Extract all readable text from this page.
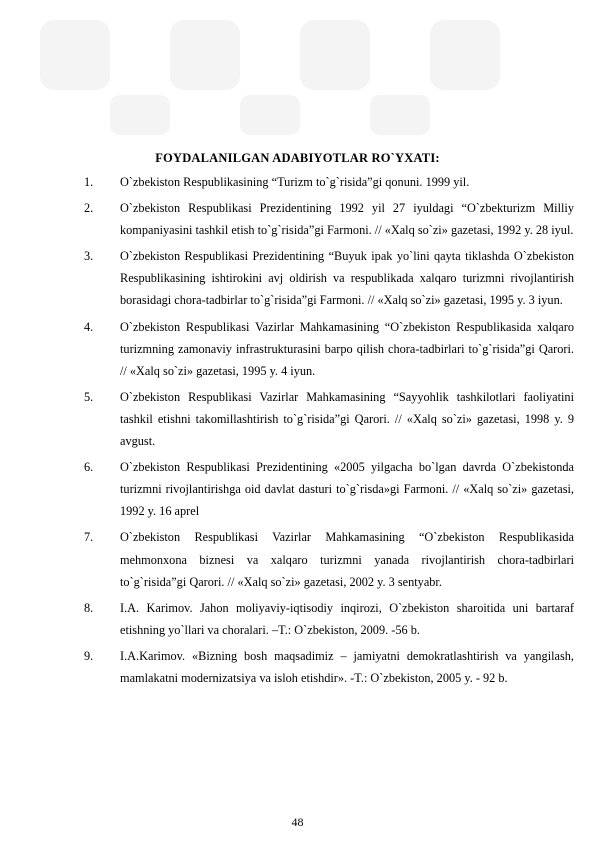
FOYDALANILGAN ADABIYOTLAR RO`YXATI:
1. O`zbekiston Respublikasining “Turizm to`g`risida”gi qonuni. 1999 yil.
2. O`zbekiston Respublikasi Prezidentining 1992 yil 27 iyuldagi “O`zbekturizm Milliy kompaniyasini tashkil etish to`g`risida”gi Farmoni. // «Xalq so`zi» gazetasi, 1992 y. 28 iyul.
3. O`zbekiston Respublikasi Prezidentining “Buyuk ipak yo`lini qayta tiklashda O`zbekiston Respublikasining ishtirokini avj oldirish va respublikada xalqaro turizmni rivojlantirish borasidagi chora-tadbirlar to`g`risida”gi Farmoni. // «Xalq so`zi» gazetasi, 1995 y. 3 iyun.
4. O`zbekiston Respublikasi Vazirlar Mahkamasining “O`zbekiston Respublikasida xalqaro turizmning zamonaviy infrastrukturasini barpo qilish chora-tadbirlari to`g`risida”gi Qarori. // «Xalq so`zi» gazetasi, 1995 y. 4 iyun.
5. O`zbekiston Respublikasi Vazirlar Mahkamasining “Sayyohlik tashkilotlari faoliyatini tashkil etishni takomillashtirish to`g`risida”gi Qarori. // «Xalq so`zi» gazetasi, 1998 y. 9 avgust.
6. O`zbekiston Respublikasi Prezidentining «2005 yilgacha bo`lgan davrda O`zbekistonda turizmni rivojlantirishga oid davlat dasturi to`g`risda»gi Farmoni. // «Xalq so`zi» gazetasi, 1992 y. 16 aprel
7. O`zbekiston Respublikasi Vazirlar Mahkamasining “O`zbekiston Respublikasida mehmonxona biznesi va xalqaro turizmni yanada rivojlantirish chora-tadbirlari to`g`risida”gi Qarori. // «Xalq so`zi» gazetasi, 2002 y. 3 sentyabr.
8. I.A. Karimov. Jahon moliyaviy-iqtisodiy inqirozi, O`zbekiston sharoitida uni bartaraf etishning yo`llari va choralari. –T.: O`zbekiston, 2009. -56 b.
9. I.A.Karimov. «Bizning bosh maqsadimiz – jamiyatni demokratlashtirish va yangilash, mamlakatni modernizatsiya va isloh etishdir». -T.: O`zbekiston, 2005 y. - 92 b.
48
